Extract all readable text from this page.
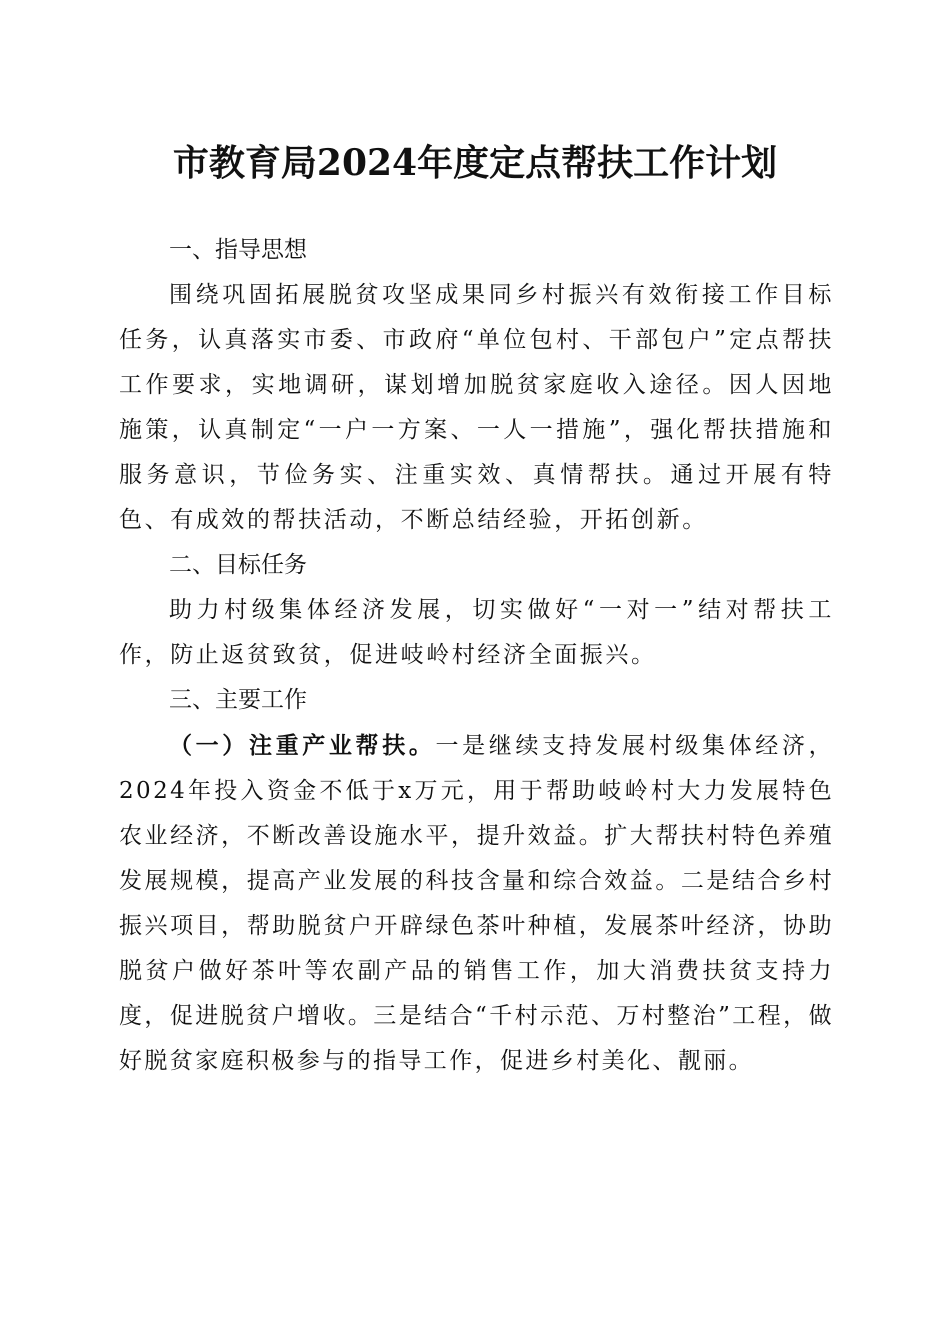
市教育局2024年度定点帮扶工作计划
一、指导思想

围绕巩固拓展脱贫攻坚成果同乡村振兴有效衔接工作目标任务，认真落实市委、市政府“单位包村、干部包户”定点帮扶工作要求，实地调研，谋划增加脱贫家庭收入途径。因人因地施策，认真制定“一户一方案、一人一措施”，强化帮扶措施和服务意识，节俭务实、注重实效、真情帮扶。通过开展有特色、有成效的帮扶活动，不断总结经验，开拓创新。

二、目标任务

助力村级集体经济发展，切实做好“一对一”结对帮扶工作，防止返贫致贫，促进岐岭村经济全面振兴。

三、主要工作

（一）注重产业帮扶。一是继续支持发展村级集体经济，2024年投入资金不低于x万元，用于帮助岐岭村大力发展特色农业经济，不断改善设施水平，提升效益。扩大帮扶村特色养殖发展规模，提高产业发展的科技含量和综合效益。二是结合乡村振兴项目，帮助脱贫户开辟绿色茶叶种植，发展茶叶经济，协助脱贫户做好茶叶等农副产品的销售工作，加大消费扶贫支持力度，促进脱贫户增收。三是结合“千村示范、万村整治”工程，做好脱贫家庭积极参与的指导工作，促进乡村美化、靓丽。
